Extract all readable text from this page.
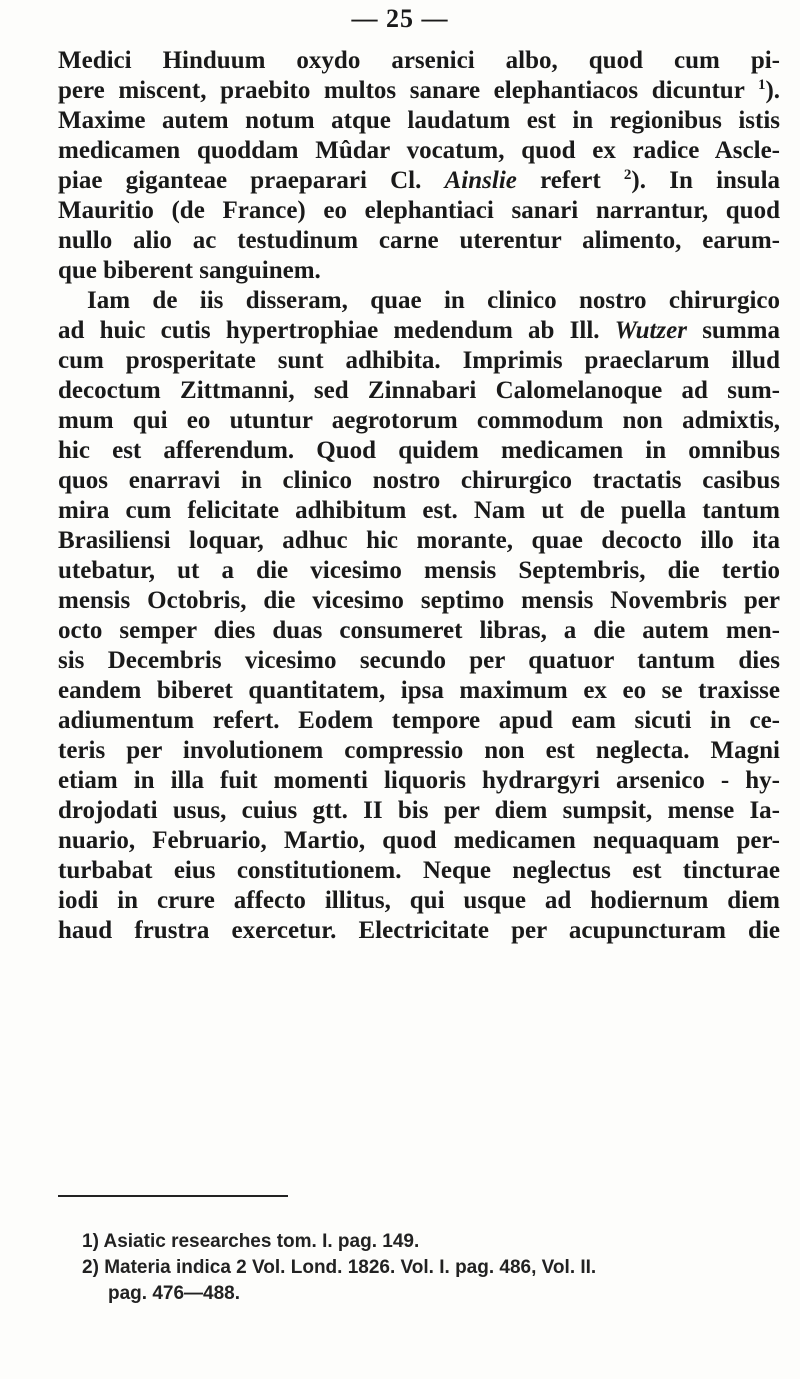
— 25 —
Medici Hinduum oxydo arsenici albo, quod cum pi-
pere miscent, praebito multos sanare elephantiacos dicuntur $^1$).
Maxime autem notum atque laudatum est in regionibus istis
medicamen quoddam Mûdar vocatum, quod ex radice Ascle-
piae giganteae praeparari Cl. Ainslie refert $^2$). In insula
Mauritio (de France) eo elephantiaci sanari narrantur, quod
nullo alio ac testudinum carne uterentur alimento, earum-
que biberent sanguinem.
Iam de iis disseram, quae in clinico nostro chirurgico
ad huic cutis hypertrophiae medendum ab Ill. Wutzer summa
cum prosperitate sunt adhibita. Imprimis praeclarum illud
decoctum Zittmanni, sed Zinnabari Calomelanoque ad sum-
mum qui eo utuntur aegrotorum commodum non admixtis,
hic est afferendum. Quod quidem medicamen in omnibus
quos enarravi in clinico nostro chirurgico tractatis casibus
mira cum felicitate adhibitum est. Nam ut de puella tantum
Brasiliensi loquar, adhuc hic morante, quae decocto illo ita
utebatur, ut a die vicesimo mensis Septembris, die tertio
mensis Octobris, die vicesimo septimo mensis Novembris per
octo semper dies duas consumeret libras, a die autem men-
sis Decembris vicesimo secundo per quatuor tantum dies
eandem biberet quantitatem, ipsa maximum ex eo se traxisse
adiumentum refert. Eodem tempore apud eam sicuti in ce-
teris per involutionem compressio non est neglecta. Magni
etiam in illa fuit momenti liquoris hydrargyri arsenico - hy-
drojodati usus, cuius gtt. II bis per diem sumpsit, mense Ia-
nuario, Februario, Martio, quod medicamen nequaquam per-
turbabat eius constitutionem. Neque neglectus est tincturae
iodi in crure affecto illitus, qui usque ad hodiernum diem
haud frustra exercetur. Electricitate per acupuncturam die
1) Asiatic researches tom. I. pag. 149.
2) Materia indica 2 Vol. Lond. 1826. Vol. I. pag. 486, Vol. II.
pag. 476—488.
